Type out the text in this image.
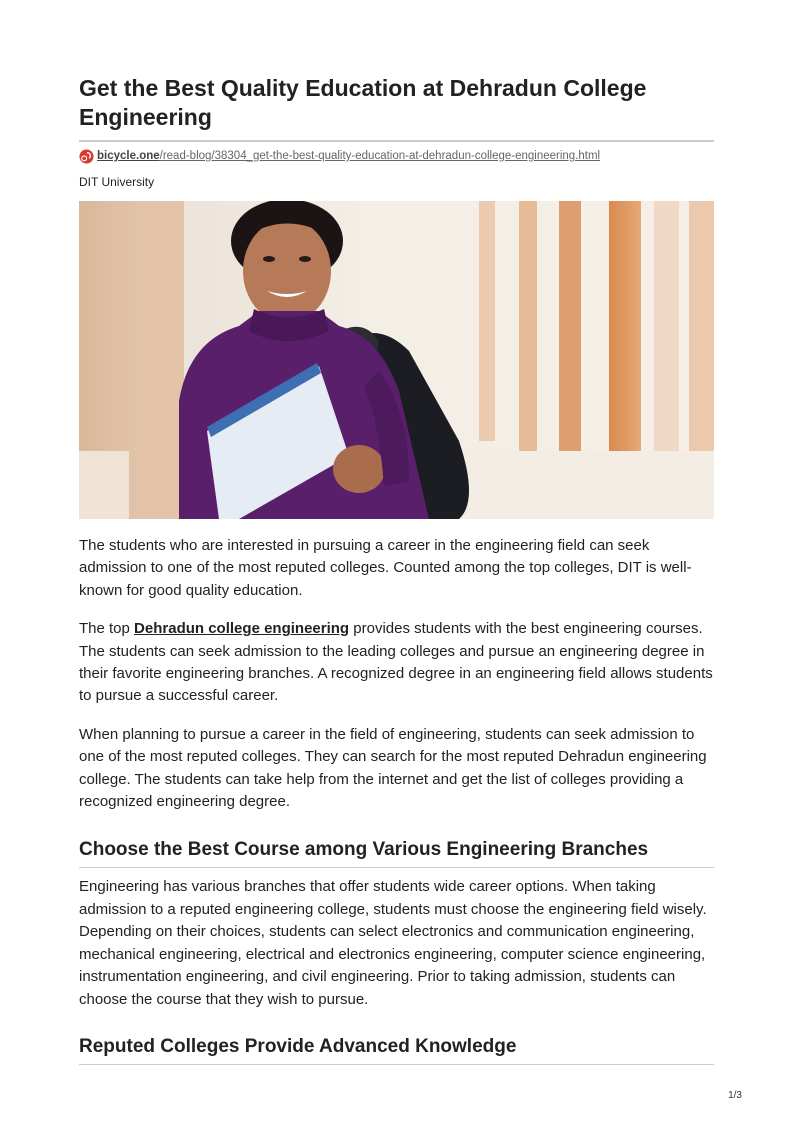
Get the Best Quality Education at Dehradun College Engineering
bicycle.one /read-blog/38304_get-the-best-quality-education-at-dehradun-college-engineering.html
DIT University

The students who are interested in pursuing a career in the engineering field can seek admission to one of the most reputed colleges. Counted among the top colleges, DIT is well-known for good quality education.

The top Dehradun college engineering provides students with the best engineering courses. The students can seek admission to the leading colleges and pursue an engineering degree in their favorite engineering branches. A recognized degree in an engineering field allows students to pursue a successful career.

When planning to pursue a career in the field of engineering, students can seek admission to one of the most reputed colleges. They can search for the most reputed Dehradun engineering college. The students can take help from the internet and get the list of colleges providing a recognized engineering degree.

Choose the Best Course among Various Engineering Branches

Engineering has various branches that offer students wide career options. When taking admission to a reputed engineering college, students must choose the engineering field wisely. Depending on their choices, students can select electronics and communication engineering, mechanical engineering, electrical and electronics engineering, computer science engineering, instrumentation engineering, and civil engineering. Prior to taking admission, students can choose the course that they wish to pursue.

Reputed Colleges Provide Advanced Knowledge
1/3
